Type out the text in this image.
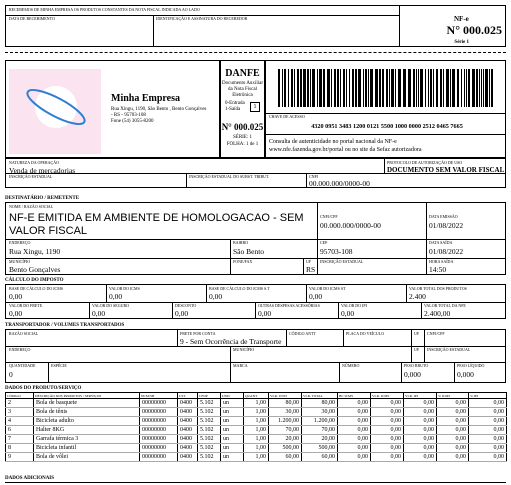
RECEBEMOS DE MINHA EMPRESA OS PRODUTOS CONSTANTES DA NOTA FISCAL INDICADA AO LADO
DATA DE RECEBIMENTO	IDENTIFICAÇÃO E ASSINATURA DO RECEBEDOR	NF-e
N° 000.025
Série 1
Minha Empresa
Rua Xingu, 1190, São Bento , Bento Gonçalves
- RS - 95703-108
Fone (54) 3055-8200
DANFE
Documento Auxiliar
da Nota Fiscal
Eletrônica
0-Entrada
1-Saída	1
N° 000.025
SÉRIE: 1
FOLHA: 1 de 1
CHAVE DE ACESSO
4320 0951 3483 1200 0121 5500 1000 0000 2512 0465 7665
Consulta de autenticidade no portal nacional da NF-e
www.nfe.fazenda.gov.br/portal ou no site da Sefaz autorizadora
NATUREZA DA OPERAÇÃO
Venda de mercadorias
PROTOCOLO DE AUTORIZAÇÃO DE USO
DOCUMENTO SEM VALOR FISCAL
INSCRIÇÃO ESTADUAL	INSCRIÇÃO ESTADUAL DO SUBST. TRIBUT.	CNPJ
00.000.000/0000-00
DESTINATÁRIO / REMETENTE
NOME / RAZÃO SOCIAL
NF-E EMITIDA EM AMBIENTE DE HOMOLOGACAO - SEM
VALOR FISCAL
CNPJ/CPF
00.000.000/0000-00
DATA EMISSÃO
01/08/2022
ENDEREÇO
Rua Xingu, 1190
BAIRRO
São Bento
CEP
95703-108
DATA SAÍDA
01/08/2022
MUNICÍPIO
Bento Gonçalves
FONE/FAX	UF
RS
INSCRIÇÃO ESTADUAL	HORA SAÍDA
14:50
CÁLCULO DO IMPOSTO
BASE DE CÁLCULO DO ICMS
0,00
VALOR DO ICMS
0,00
BASE DE CÁLCULO DO ICMS S.T
0,00
VALOR DO ICMS ST
0,00
VALOR TOTAL DOS PRODUTOS
2.400
VALOR DO FRETE
0,00
VALOR DO SEGURO
0,00
DESCONTO
0,00
OUTRAS DESPESAS ACESSÓRIAS
0,00
VALOR DO IPI
0,00
VALOR TOTAL DA NFE
2.400,00
TRANSPORTADOR / VOLUMES TRANSPORTADOS
RAZÃO SOCIAL	FRETE POR CONTA
9 - Sem Ocorrência de Transporte
CÓDIGO ANTT	PLACA DO VEÍCULO	UF CNPJ/CPF
ENDEREÇO	MUNICÍPIO	UF INSCRIÇÃO ESTADUAL
QUANTIDADE
0
ESPÉCIE	MARCA	NÚMERO	PESO BRUTO
0,000
PESO LÍQUIDO
0,000
DADOS DO PRODUTO/SERVIÇO
CÓDIGO	DESCRIÇÃO DOS PRODUTOS / SERVIÇOS	NCM/SH	CST	CFOP	UND	QUANT	VLR. UNIT	VLR. TOTAL	BC ICMS	VLR. ICMS	VLR. IPI	% ICMS	% IPI
2	Bola de basquete	00000000	0400	5.102	un	1,00	80,00	80,00	0,00	0,00	0,00	0,00	0,00
3	Bola de tênis	00000000	0400	5.102	un	1,00	30,00	30,00	0,00	0,00	0,00	0,00	0,00
4	Bicicleta adulto	00000000	0400	5.102	un	1,00	1.200,00	1.200,00	0,00	0,00	0,00	0,00	0,00
6	Halter 8KG	00000000	0400	5.102	un	1,00	70,00	70,00	0,00	0,00	0,00	0,00	0,00
7	Garrafa térmica 3	00000000	0400	5.102	un	1,00	20,00	20,00	0,00	0,00	0,00	0,00	0,00
8	Bicicleta infantil	00000000	0400	5.102	un	1,00	500,00	500,00	0,00	0,00	0,00	0,00	0,00
9	Bola de vôlei	00000000	0400	5.102	un	1,00	60,00	60,00	0,00	0,00	0,00	0,00	0,00
DADOS ADICIONAIS
